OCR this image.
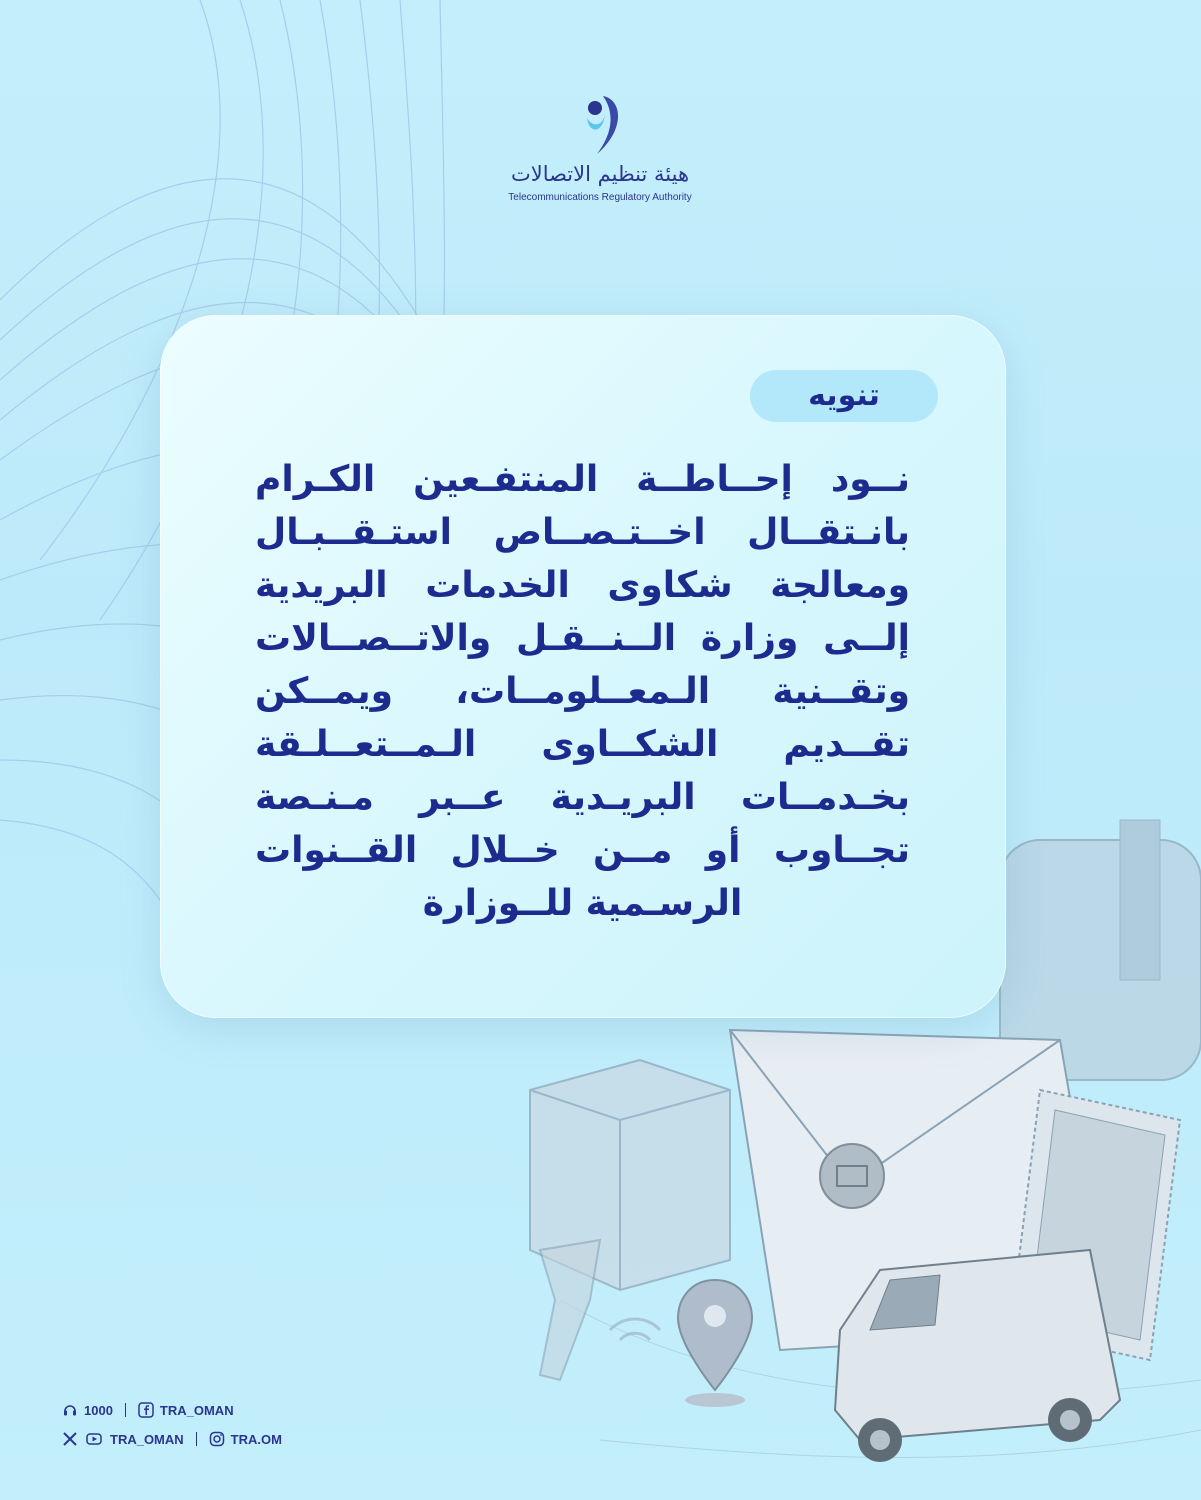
هيئة تنظيم الاتصالات
Telecommunications Regulatory Authority
تنويه
نــود إحــاطــة المنتفـعين الكـرام
بانـتقــال اخــتـصــاص استـقــبـال
ومعالجة شكاوى الخدمات البريدية
إلــى وزارة الــنــقـل والاتــصــالات
وتقــنية الـمعــلومــات، ويمــكن
تقــديم الشكــاوى الـمــتعــلـقة
بخـدمــات البريـدية عــبر مـنـصة
تجــاوب أو مــن خــلال القــنوات
الرسـمية للــوزارة
1000	TRA_OMAN
TRA_OMAN	TRA.OM
